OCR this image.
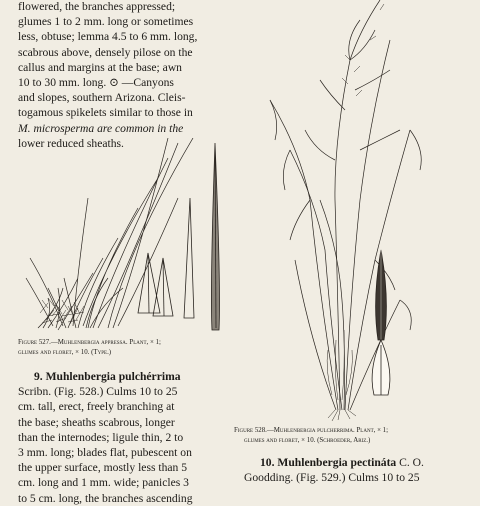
flowered, the branches appressed;

glumes 1 to 2 mm. long or sometimes

less, obtuse; lemma 4.5 to 6 mm. long,

scabrous above, densely pilose on the

callus and margins at the base; awn

10 to 30 mm. long. ⊙ —Canyons

and slopes, southern Arizona. Cleis-

togamous spikelets similar to those in

M. microsperma are common in the

lower reduced sheaths.

Figure 527.—Muhlenbergia appressa. Plant, × 1;
glumes and floret, × 10. (Type.)

9. Muhlenbergia pulchérrima

Scribn. (Fig. 528.) Culms 10 to 25

cm. tall, erect, freely branching at

the base; sheaths scabrous, longer

than the internodes; ligule thin, 2 to

3 mm. long; blades flat, pubescent on

the upper surface, mostly less than 5

cm. long and 1 mm. wide; panicles 3

to 5 cm. long, the branches ascending

Figure 528.—Muhlenbergia pulcherrima. Plant, × 1;
glumes and floret, × 10. (Schroeder, Ariz.)

10. Muhlenbergia pectináta C. O.

Goodding. (Fig. 529.) Culms 10 to 25
